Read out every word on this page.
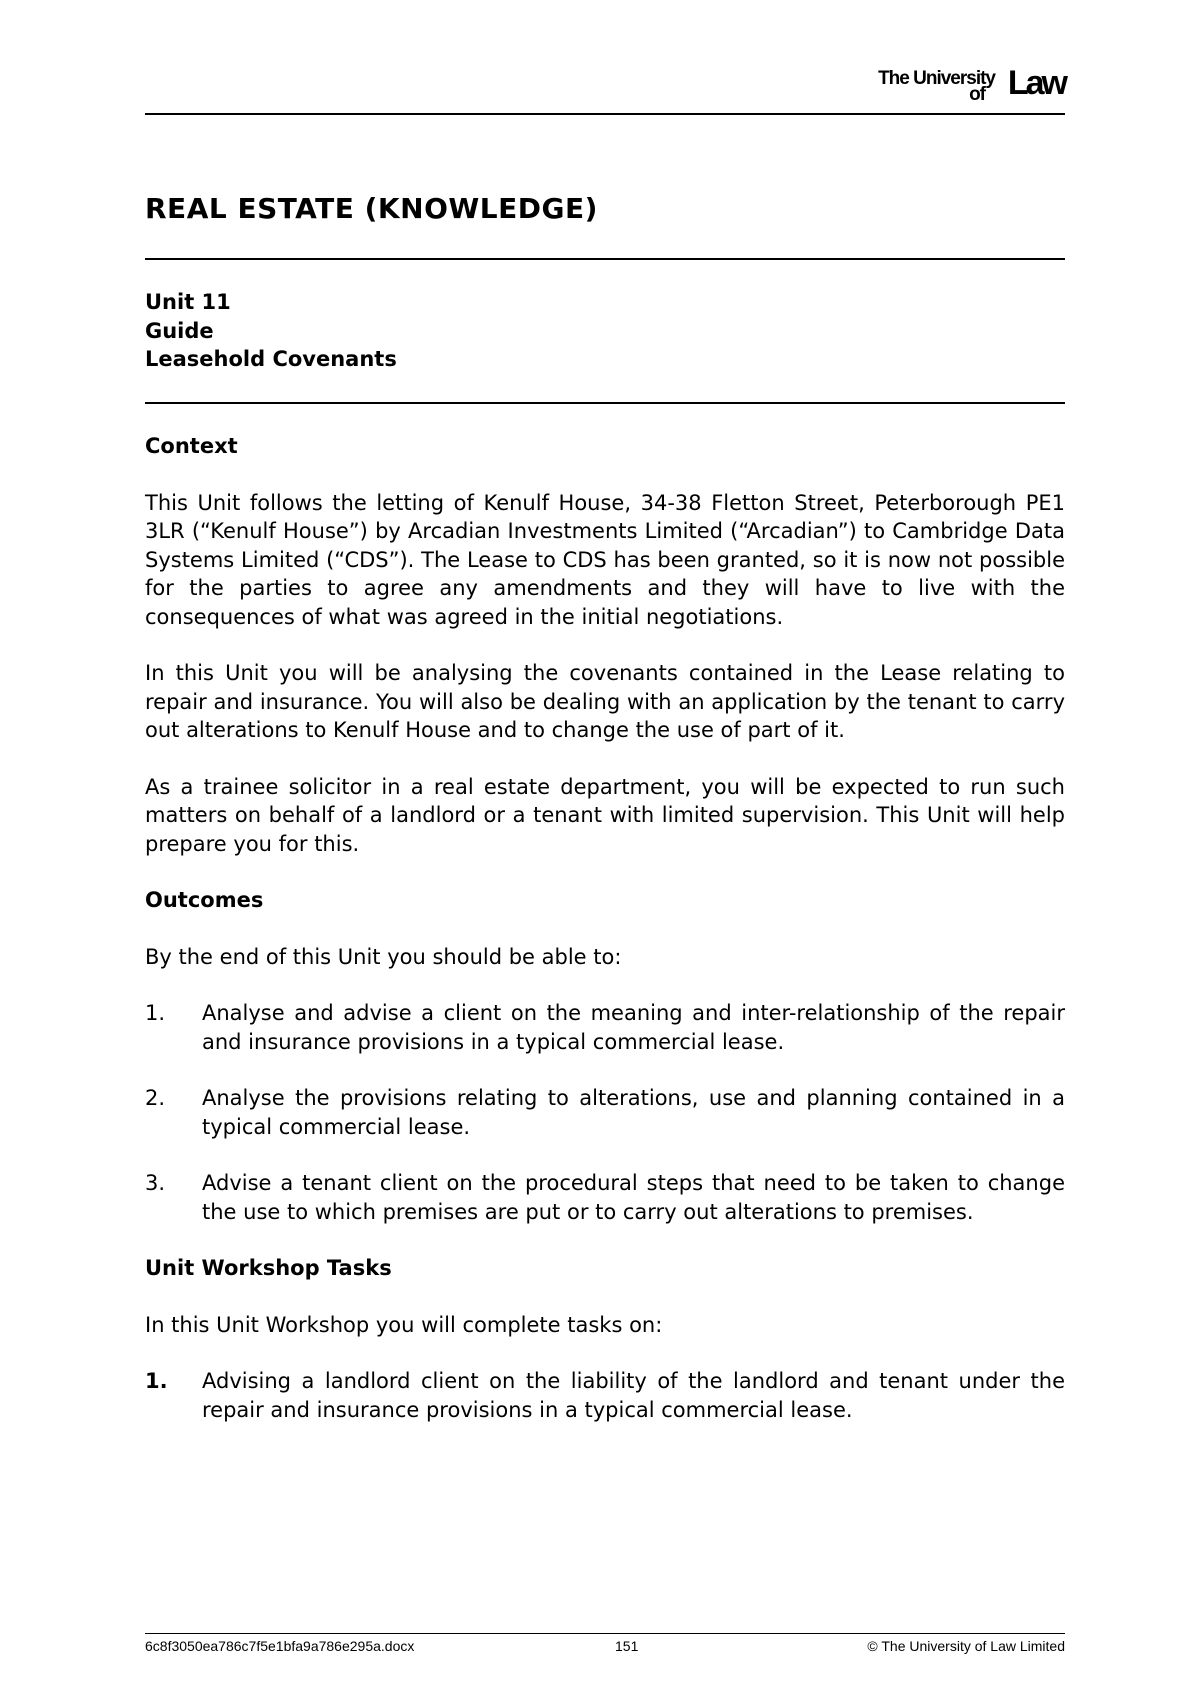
The University
of Law
REAL ESTATE (KNOWLEDGE)
Unit 11
Guide
Leasehold Covenants
Context

This Unit follows the letting of Kenulf House, 34-38 Fletton Street, Peterborough PE1 3LR (“Kenulf House”) by Arcadian Investments Limited (“Arcadian”) to Cambridge Data Systems Limited (“CDS”). The Lease to CDS has been granted, so it is now not possible for the parties to agree any amendments and they will have to live with the consequences of what was agreed in the initial negotiations.

In this Unit you will be analysing the covenants contained in the Lease relating to repair and insurance. You will also be dealing with an application by the tenant to carry out alterations to Kenulf House and to change the use of part of it.

As a trainee solicitor in a real estate department, you will be expected to run such matters on behalf of a landlord or a tenant with limited supervision. This Unit will help prepare you for this.

Outcomes

By the end of this Unit you should be able to:

1. Analyse and advise a client on the meaning and inter-relationship of the repair and insurance provisions in a typical commercial lease.
2. Analyse the provisions relating to alterations, use and planning contained in a typical commercial lease.
3. Advise a tenant client on the procedural steps that need to be taken to change the use to which premises are put or to carry out alterations to premises.
Unit Workshop Tasks

In this Unit Workshop you will complete tasks on:

1. Advising a landlord client on the liability of the landlord and tenant under the repair and insurance provisions in a typical commercial lease.
6c8f3050ea786c7f5e1bfa9a786e295a.docx	151	© The University of Law Limited
